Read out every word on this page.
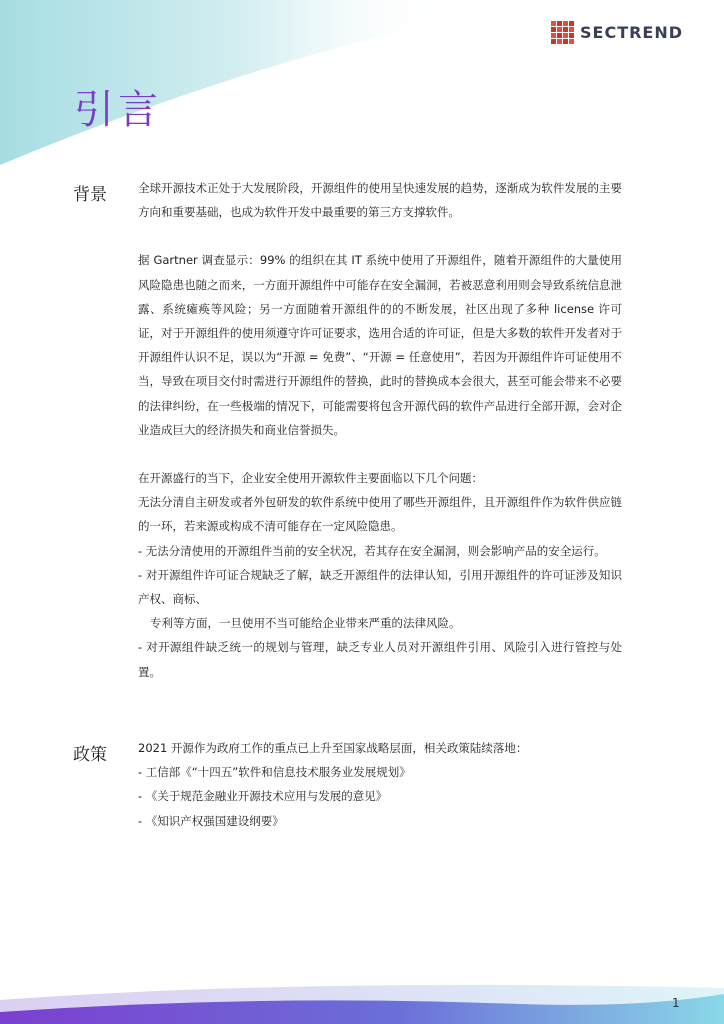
SECTREND
引言
背景	全球开源技术正处于大发展阶段，开源组件的使用呈快速发展的趋势，逐渐成为软件发展的主要方向和重要基础，也成为软件开发中最重要的第三方支撑软件。

据 Gartner 调查显示：99% 的组织在其 IT 系统中使用了开源组件，随着开源组件的大量使用风险隐患也随之而来，一方面开源组件中可能存在安全漏洞，若被恶意利用则会导致系统信息泄露、系统瘫痪等风险；另一方面随着开源组件的的不断发展，社区出现了多种 license 许可证，对于开源组件的使用须遵守许可证要求，选用合适的许可证，但是大多数的软件开发者对于开源组件认识不足，误以为“开源 = 免费”、“开源 = 任意使用”，若因为开源组件许可证使用不当，导致在项目交付时需进行开源组件的替换，此时的替换成本会很大，甚至可能会带来不必要的法律纠纷，在一些极端的情况下，可能需要将包含开源代码的软件产品进行全部开源，会对企业造成巨大的经济损失和商业信誉损失。

在开源盛行的当下，企业安全使用开源软件主要面临以下几个问题：

无法分清自主研发或者外包研发的软件系统中使用了哪些开源组件，且开源组件作为软件供应链的一环，若来源或构成不清可能存在一定风险隐患。

- 无法分清使用的开源组件当前的安全状况，若其存在安全漏洞，则会影响产品的安全运行。

- 对开源组件许可证合规缺乏了解，缺乏开源组件的法律认知，引用开源组件的许可证涉及知识产权、商标、

专利等方面，一旦使用不当可能给企业带来严重的法律风险。

- 对开源组件缺乏统一的规划与管理，缺乏专业人员对开源组件引用、风险引入进行管控与处置。

政策	2021 开源作为政府工作的重点已上升至国家战略层面，相关政策陆续落地：

- 工信部《“十四五”软件和信息技术服务业发展规划》

- 《关于规范金融业开源技术应用与发展的意见》

- 《知识产权强国建设纲要》

1
